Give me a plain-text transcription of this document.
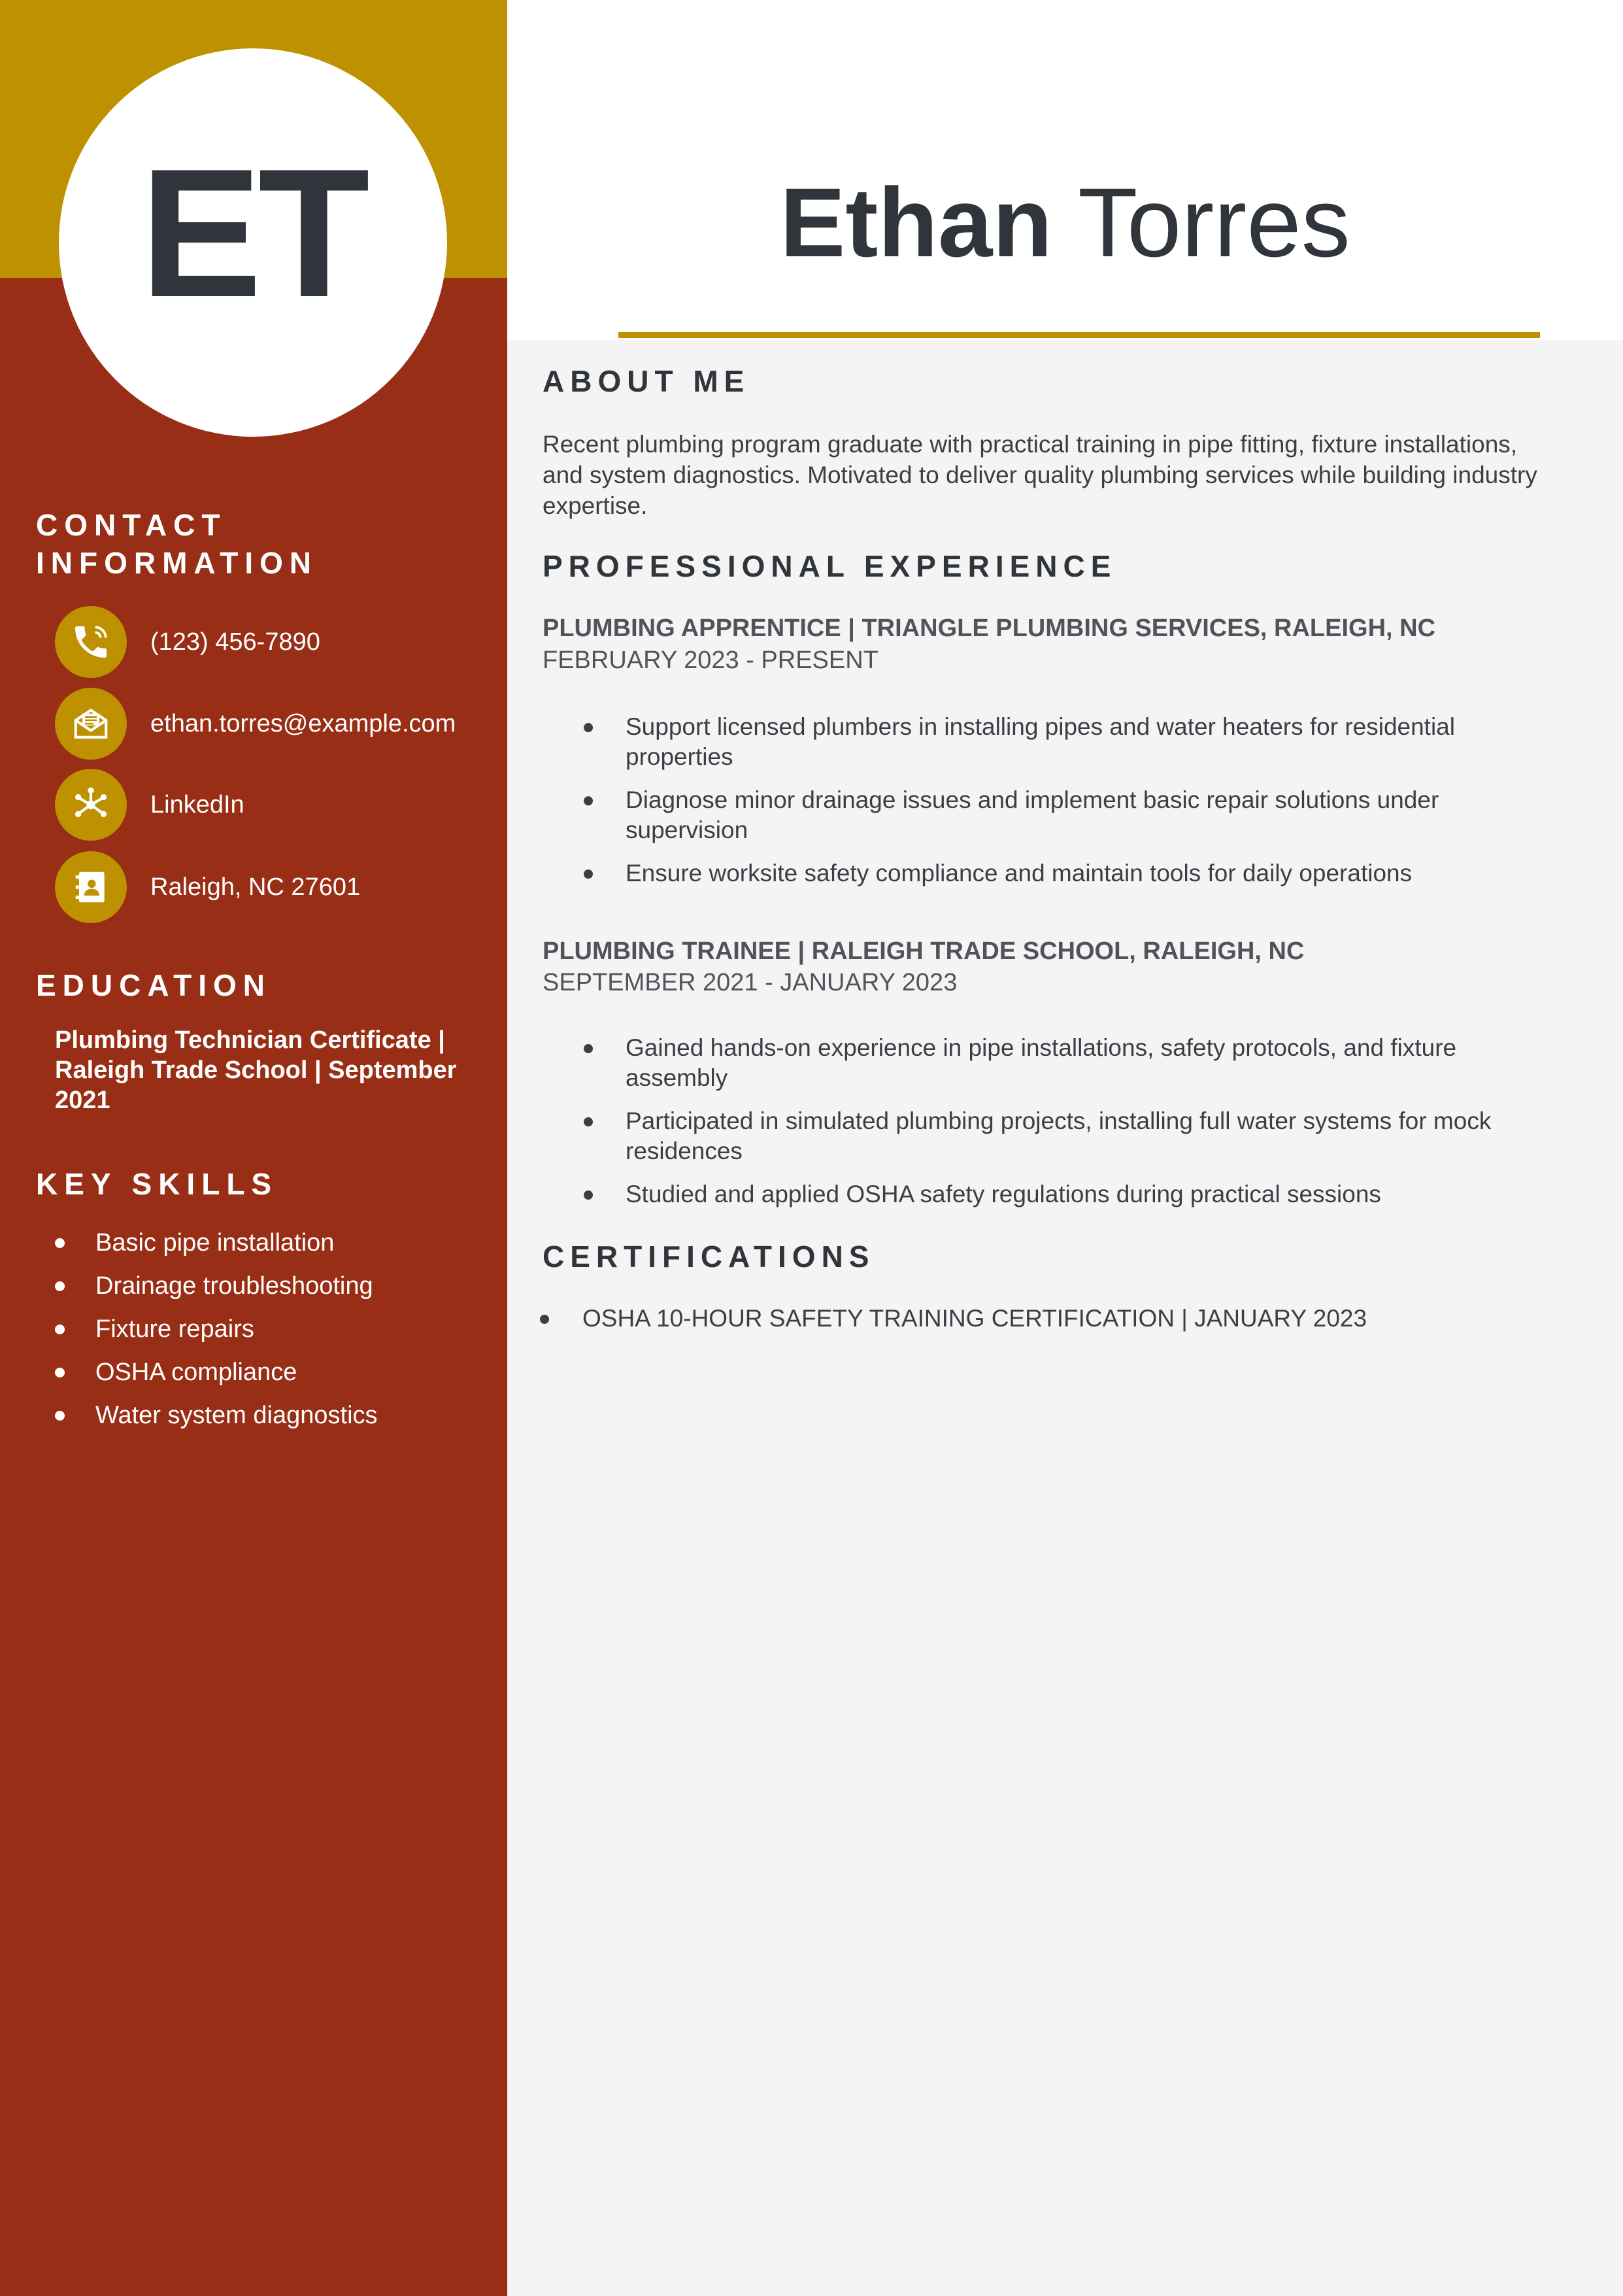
ET	Ethan Torres
CONTACT
INFORMATION
(123) 456-7890
ethan.torres@example.com
LinkedIn
Raleigh, NC 27601
EDUCATION
Plumbing Technician Certificate | Raleigh Trade School | September 2021
KEY SKILLS
Basic pipe installation
Drainage troubleshooting
Fixture repairs
OSHA compliance
Water system diagnostics
ABOUT ME
Recent plumbing program graduate with practical training in pipe fitting, fixture installations, and system diagnostics. Motivated to deliver quality plumbing services while building industry expertise.
PROFESSIONAL EXPERIENCE
PLUMBING APPRENTICE | TRIANGLE PLUMBING SERVICES, RALEIGH, NC
FEBRUARY 2023 - PRESENT
Support licensed plumbers in installing pipes and water heaters for residential properties
Diagnose minor drainage issues and implement basic repair solutions under supervision
Ensure worksite safety compliance and maintain tools for daily operations
PLUMBING TRAINEE | RALEIGH TRADE SCHOOL, RALEIGH, NC
SEPTEMBER 2021 - JANUARY 2023
Gained hands-on experience in pipe installations, safety protocols, and fixture assembly
Participated in simulated plumbing projects, installing full water systems for mock residences
Studied and applied OSHA safety regulations during practical sessions
CERTIFICATIONS
OSHA 10-HOUR SAFETY TRAINING CERTIFICATION | JANUARY 2023
